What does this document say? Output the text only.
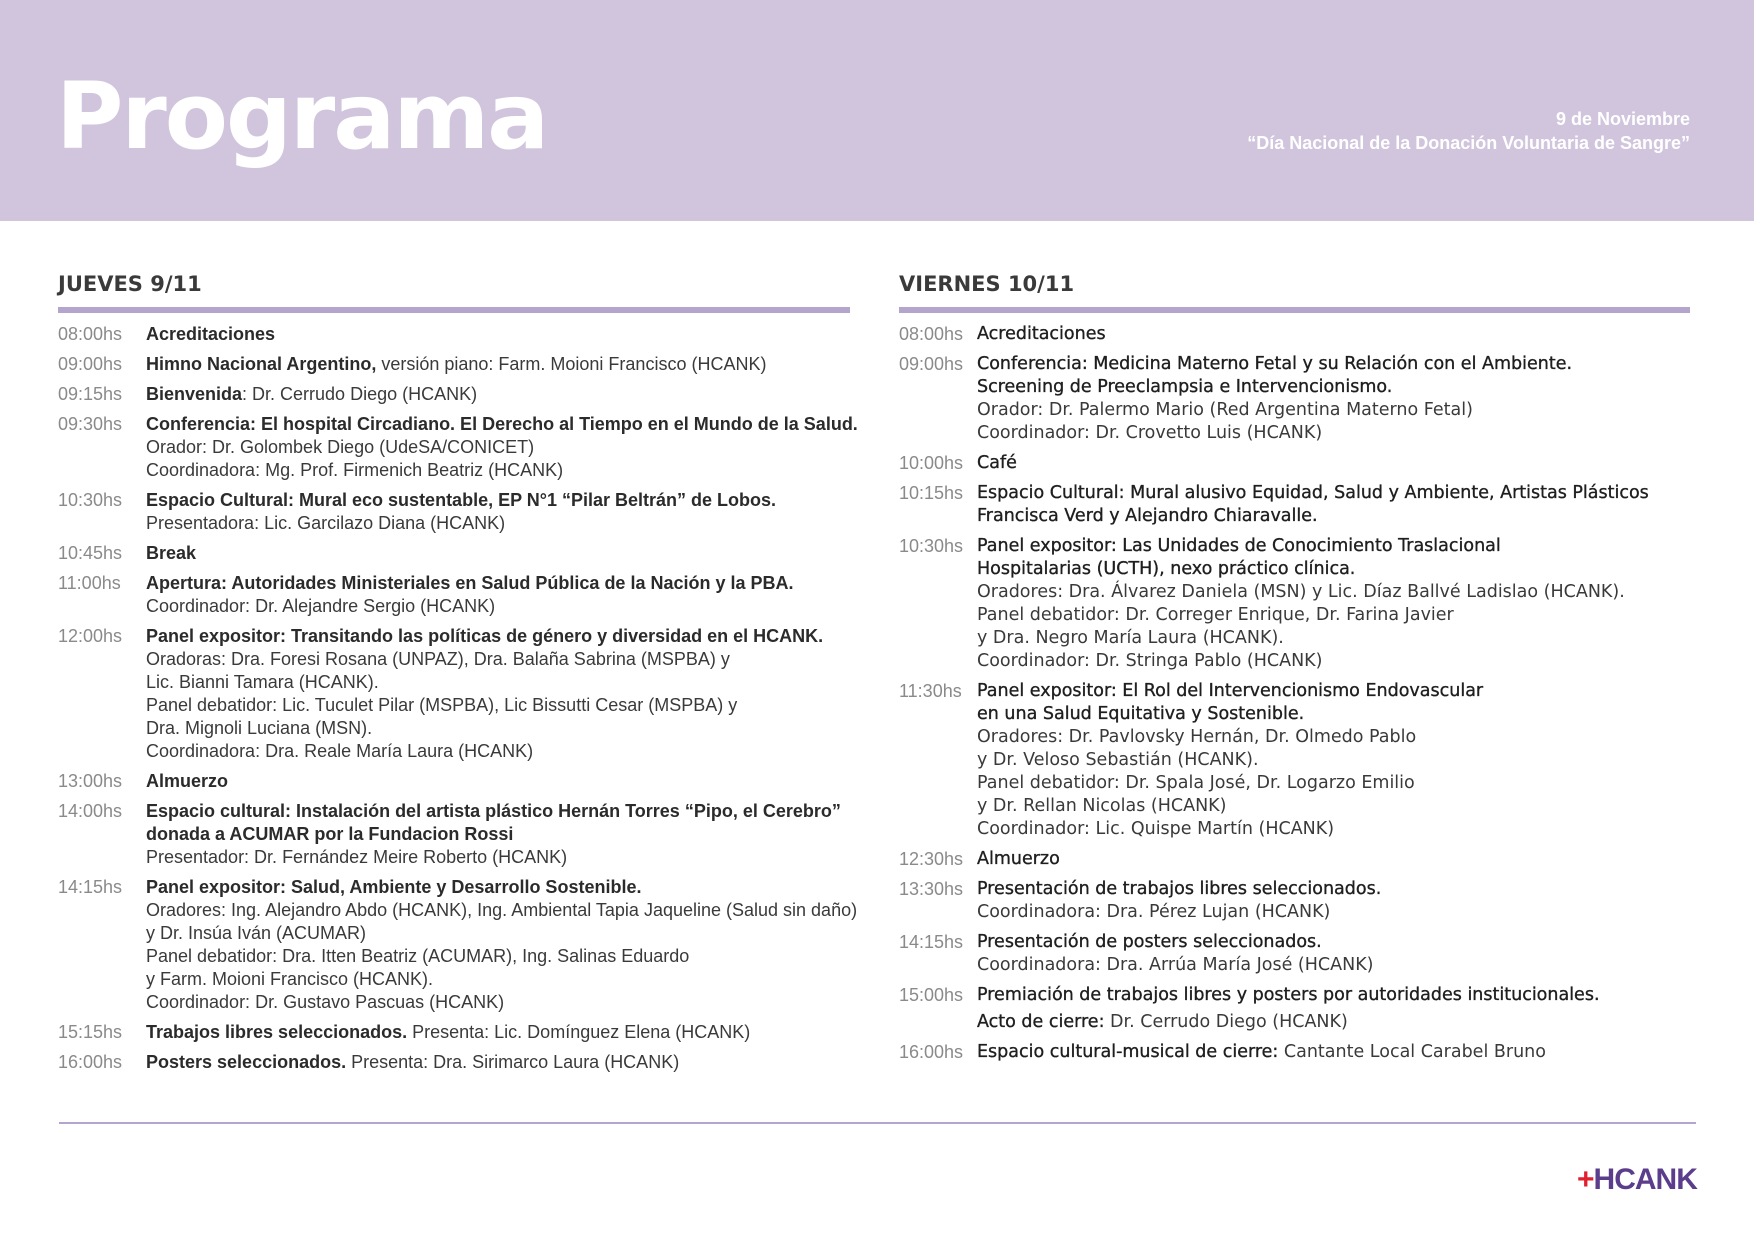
Programa	9 de Noviembre
“Día Nacional de la Donación Voluntaria de Sangre”
JUEVES 9/11
08:00hs	Acreditaciones
09:00hs	Himno Nacional Argentino, versión piano: Farm. Moioni Francisco (HCANK)
09:15hs	Bienvenida: Dr. Cerrudo Diego (HCANK)
09:30hs	Conferencia: El hospital Circadiano. El Derecho al Tiempo en el Mundo de la Salud.
Orador: Dr. Golombek Diego (UdeSA/CONICET)
Coordinadora: Mg. Prof. Firmenich Beatriz (HCANK)
10:30hs	Espacio Cultural: Mural eco sustentable, EP N°1 “Pilar Beltrán” de Lobos.
Presentadora: Lic. Garcilazo Diana (HCANK)
10:45hs	Break
11:00hs	Apertura: Autoridades Ministeriales en Salud Pública de la Nación y la PBA.
Coordinador: Dr. Alejandre Sergio (HCANK)
12:00hs	Panel expositor: Transitando las políticas de género y diversidad en el HCANK.
Oradoras: Dra. Foresi Rosana (UNPAZ), Dra. Balaña Sabrina (MSPBA) y
Lic. Bianni Tamara (HCANK).
Panel debatidor: Lic. Tuculet Pilar (MSPBA), Lic Bissutti Cesar (MSPBA) y
Dra. Mignoli Luciana (MSN).
Coordinadora: Dra. Reale María Laura (HCANK)
13:00hs	Almuerzo
14:00hs	Espacio cultural: Instalación del artista plástico Hernán Torres “Pipo, el Cerebro”
donada a ACUMAR por la Fundacion Rossi
Presentador: Dr. Fernández Meire Roberto (HCANK)
14:15hs	Panel expositor: Salud, Ambiente y Desarrollo Sostenible.
Oradores: Ing. Alejandro Abdo (HCANK), Ing. Ambiental Tapia Jaqueline (Salud sin daño)
y Dr. Insúa Iván (ACUMAR)
Panel debatidor: Dra. Itten Beatriz (ACUMAR), Ing. Salinas Eduardo
y Farm. Moioni Francisco (HCANK).
Coordinador: Dr. Gustavo Pascuas (HCANK)
15:15hs	Trabajos libres seleccionados. Presenta: Lic. Domínguez Elena (HCANK)
16:00hs	Posters seleccionados. Presenta: Dra. Sirimarco Laura (HCANK)
VIERNES 10/11
08:00hs Acreditaciones
09:00hs Conferencia: Medicina Materno Fetal y su Relación con el Ambiente.
Screening de Preeclampsia e Intervencionismo.
Orador: Dr. Palermo Mario (Red Argentina Materno Fetal)
Coordinador: Dr. Crovetto Luis (HCANK)
10:00hs Café
10:15hs Espacio Cultural: Mural alusivo Equidad, Salud y Ambiente, Artistas Plásticos
Francisca Verd y Alejandro Chiaravalle.
10:30hs Panel expositor: Las Unidades de Conocimiento Traslacional
Hospitalarias (UCTH), nexo práctico clínica.
Oradores: Dra. Álvarez Daniela (MSN) y Lic. Díaz Ballvé Ladislao (HCANK).
Panel debatidor: Dr. Correger Enrique, Dr. Farina Javier
y Dra. Negro María Laura (HCANK).
Coordinador: Dr. Stringa Pablo (HCANK)
11:30hs Panel expositor: El Rol del Intervencionismo Endovascular
en una Salud Equitativa y Sostenible.
Oradores: Dr. Pavlovsky Hernán, Dr. Olmedo Pablo
y Dr. Veloso Sebastián (HCANK).
Panel debatidor: Dr. Spala José, Dr. Logarzo Emilio
y Dr. Rellan Nicolas (HCANK)
Coordinador: Lic. Quispe Martín (HCANK)
12:30hs Almuerzo
13:30hs Presentación de trabajos libres seleccionados.
Coordinadora: Dra. Pérez Lujan (HCANK)
14:15hs Presentación de posters seleccionados.
Coordinadora: Dra. Arrúa María José (HCANK)
15:00hs Premiación de trabajos libres y posters por autoridades institucionales.
Acto de cierre: Dr. Cerrudo Diego (HCANK)
16:00hs Espacio cultural-musical de cierre: Cantante Local Carabel Bruno
+HCANK
